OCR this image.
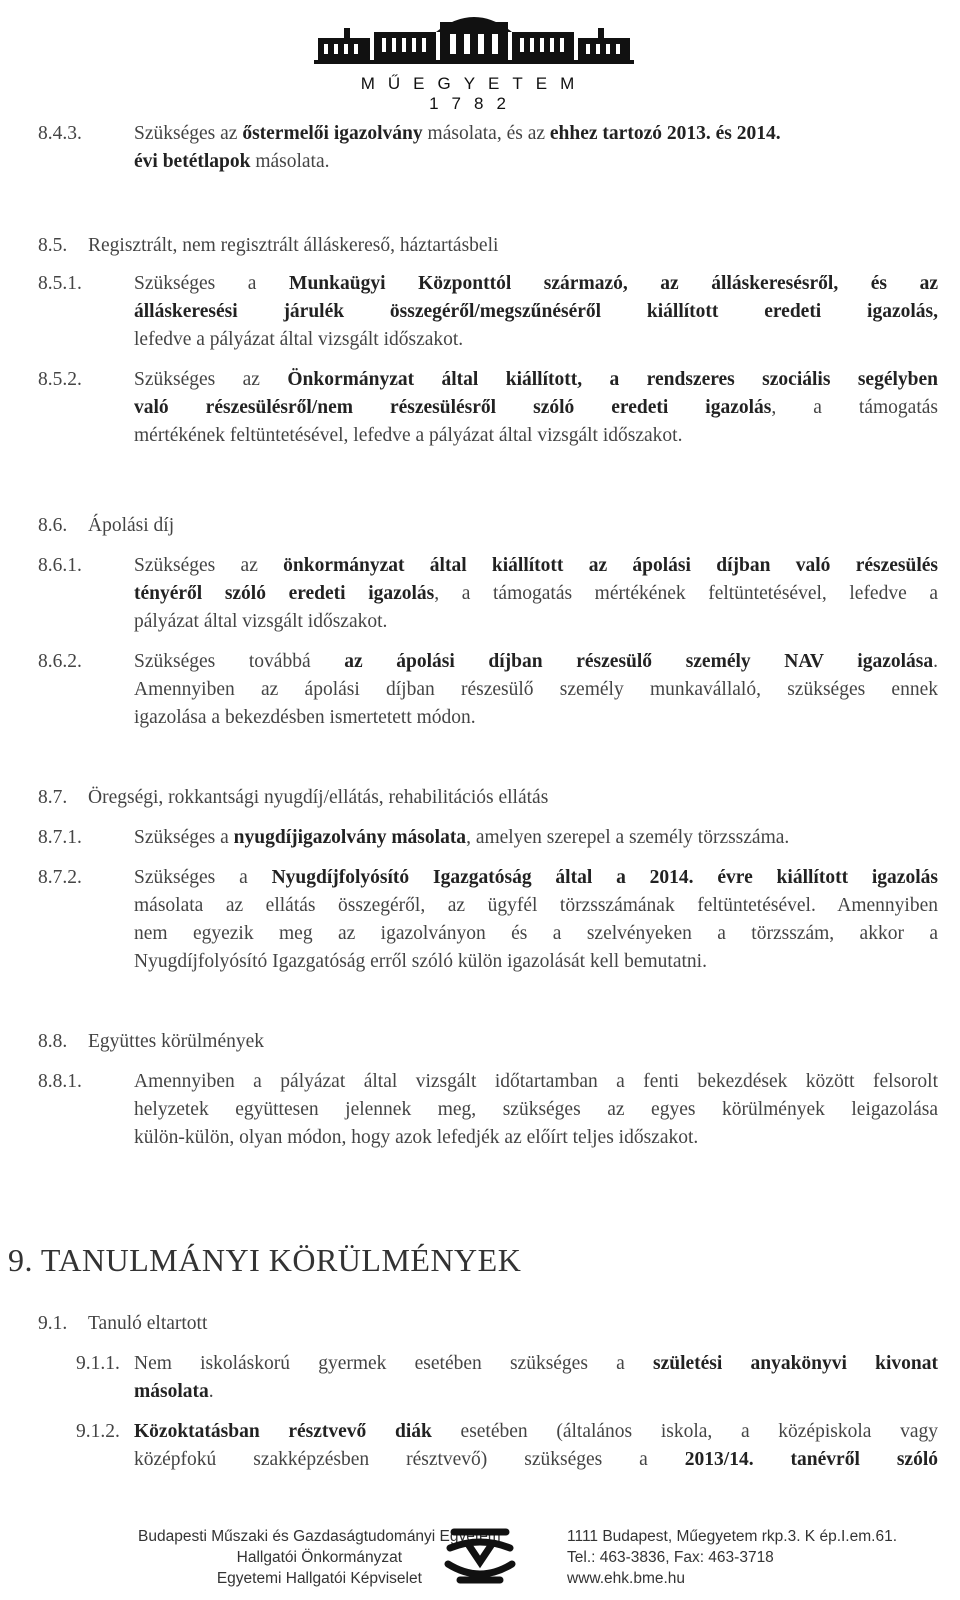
MŰEGYETEM 1782
8.4.3.	Szükséges az őstermelői igazolvány másolata, és az ehhez tartozó 2013. és 2014.
évi betétlapok másolata.
8.5. Regisztrált, nem regisztrált álláskereső, háztartásbeli
8.5.1.	Szükséges a Munkaügyi Központtól származó, az álláskeresésről, és az
álláskeresési járulék összegéről/megszűnéséről kiállított eredeti igazolás,
lefedve a pályázat által vizsgált időszakot.
8.5.2.	Szükséges az Önkormányzat által kiállított, a rendszeres szociális segélyben
való részesülésről/nem részesülésről szóló eredeti igazolás, a támogatás
mértékének feltüntetésével, lefedve a pályázat által vizsgált időszakot.
8.6. Ápolási díj
8.6.1.	Szükséges az önkormányzat által kiállított az ápolási díjban való részesülés
tényéről szóló eredeti igazolás, a támogatás mértékének feltüntetésével, lefedve a
pályázat által vizsgált időszakot.
8.6.2.	Szükséges továbbá az ápolási díjban részesülő személy NAV igazolása.
Amennyiben az ápolási díjban részesülő személy munkavállaló, szükséges ennek
igazolása a bekezdésben ismertetett módon.
8.7. Öregségi, rokkantsági nyugdíj/ellátás, rehabilitációs ellátás
8.7.1.	Szükséges a nyugdíjigazolvány másolata, amelyen szerepel a személy törzsszáma.
8.7.2.	Szükséges a Nyugdíjfolyósító Igazgatóság által a 2014. évre kiállított igazolás
másolata az ellátás összegéről, az ügyfél törzsszámának feltüntetésével. Amennyiben
nem egyezik meg az igazolványon és a szelvényeken a törzsszám, akkor a
Nyugdíjfolyósító Igazgatóság erről szóló külön igazolását kell bemutatni.
8.8. Együttes körülmények
8.8.1.	Amennyiben a pályázat által vizsgált időtartamban a fenti bekezdések között felsorolt
helyzetek együttesen jelennek meg, szükséges az egyes körülmények leigazolása
külön-külön, olyan módon, hogy azok lefedjék az előírt teljes időszakot.
9. TANULMÁNYI KÖRÜLMÉNYEK
9.1. Tanuló eltartott
9.1.1. Nem iskoláskorú gyermek esetében szükséges a születési anyakönyvi kivonat
másolata.
9.1.2. Közoktatásban résztvevő diák esetében (általános iskola, a középiskola vagy
középfokú szakképzésben résztvevő) szükséges a 2013/14. tanévről szóló
Budapesti Műszaki és Gazdaságtudományi Egyetem
Hallgatói Önkormányzat
Egyetemi Hallgatói Képviselet
1111 Budapest, Műegyetem rkp.3. K ép.I.em.61.
Tel.: 463-3836, Fax: 463-3718
www.ehk.bme.hu
